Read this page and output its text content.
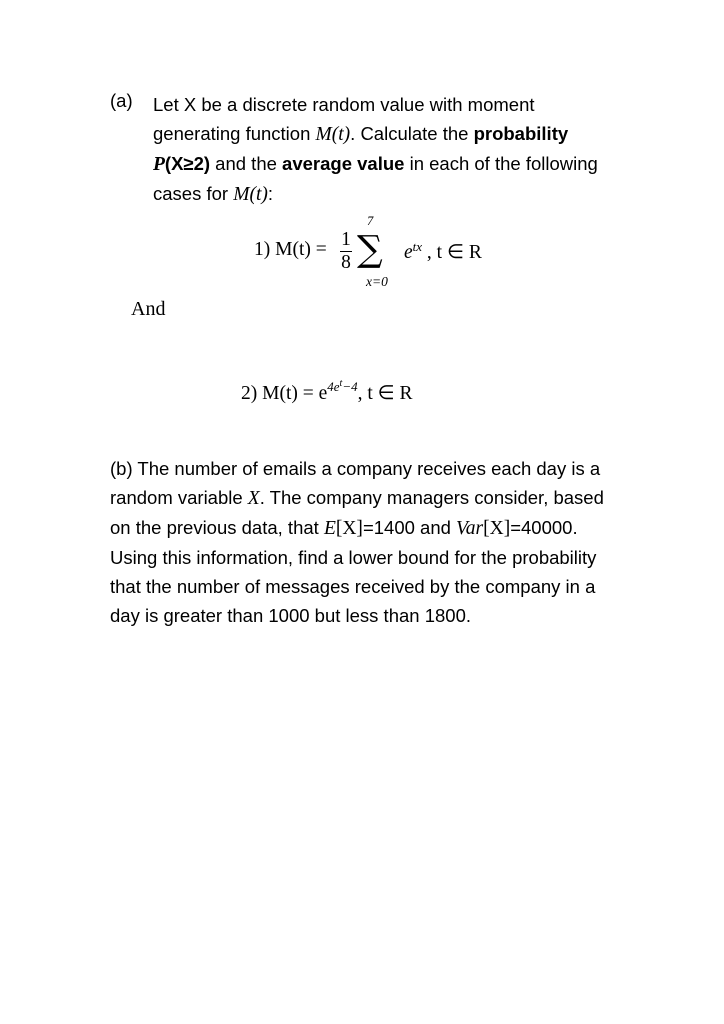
(a) Let X be a discrete random value with moment generating function M(t). Calculate the probability P(X≥2) and the average value in each of the following cases for M(t):
1) M(t) = 1
8
7
∑
x=0
$e^{tx}$ , t ∈ R
And
2) $M(t) = e^{4e^t-4}$, t ∈ R
(b) The number of emails a company receives each day is a random variable X. The company managers consider, based on the previous data, that E[X]=1400 and Var[X]=40000. Using this information, find a lower bound for the probability that the number of messages received by the company in a day is greater than 1000 but less than 1800.
